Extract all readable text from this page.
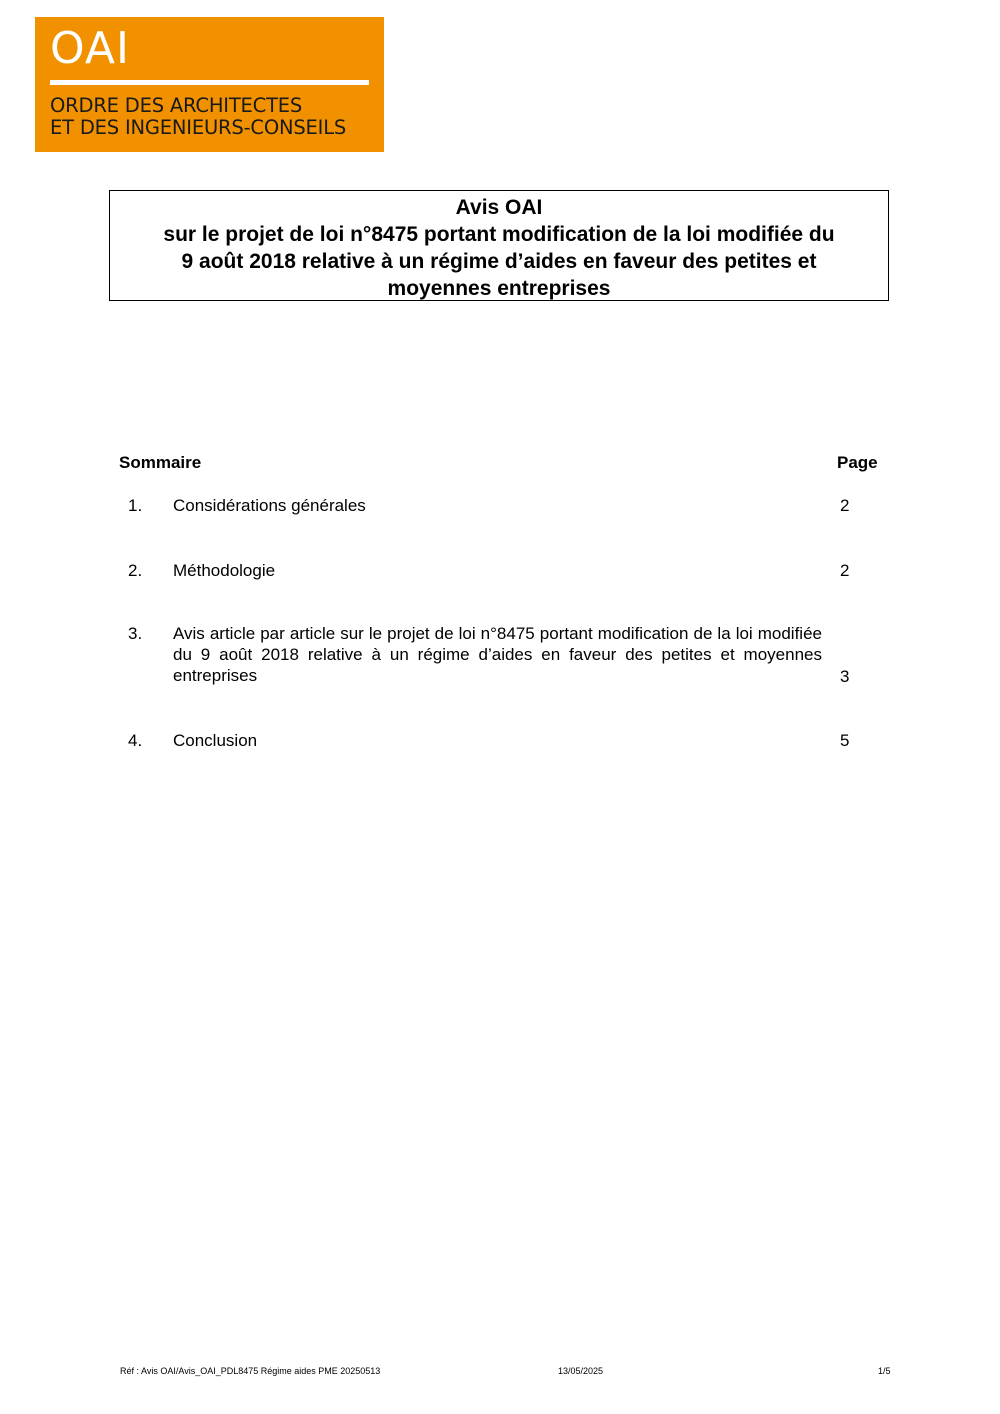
OAI
ORDRE DES ARCHITECTES
ET DES INGENIEURS-CONSEILS
Avis OAI
sur le projet de loi n°8475 portant modification de la loi modifiée du
9 août 2018 relative à un régime d’aides en faveur des petites et
moyennes entreprises
Sommaire	Page
1. Considérations générales	2
2. Méthodologie	2
3. Avis article par article sur le projet de loi n°8475 portant modification de la loi modifiée du 9 août 2018 relative à un régime d’aides en faveur des petites et moyennes entreprises	3
4. Conclusion	5
Réf : Avis OAI/Avis_OAI_PDL8475 Régime aides PME 20250513	13/05/2025	1/5
